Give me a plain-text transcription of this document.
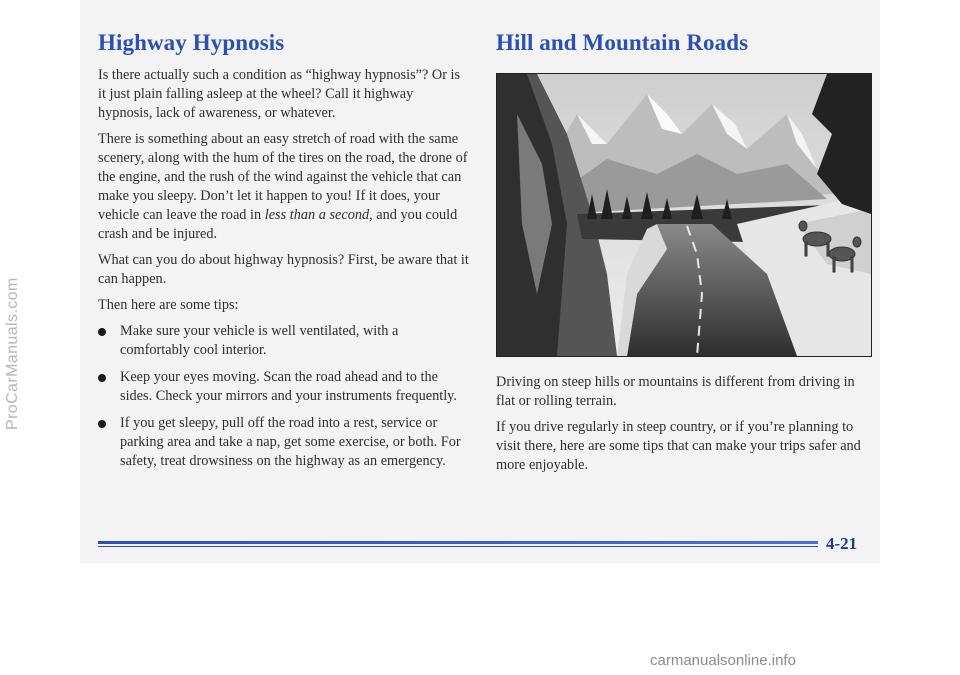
Highway Hypnosis

Is there actually such a condition as “highway hypnosis”? Or is it just plain falling asleep at the wheel? Call it highway hypnosis, lack of awareness, or whatever.

There is something about an easy stretch of road with the same scenery, along with the hum of the tires on the road, the drone of the engine, and the rush of the wind against the vehicle that can make you sleepy. Don’t let it happen to you! If it does, your vehicle can leave the road in less than a second, and you could crash and be injured.

What can you do about highway hypnosis? First, be aware that it can happen.

Then here are some tips:

Make sure your vehicle is well ventilated, with a comfortably cool interior.
Keep your eyes moving. Scan the road ahead and to the sides. Check your mirrors and your instruments frequently.
If you get sleepy, pull off the road into a rest, service or parking area and take a nap, get some exercise, or both. For safety, treat drowsiness on the highway as an emergency.
Hill and Mountain Roads

Driving on steep hills or mountains is different from driving in flat or rolling terrain.

If you drive regularly in steep country, or if you’re planning to visit there, here are some tips that can make your trips safer and more enjoyable.

4-21
ProCarManuals.com
carmanualsonline.info
